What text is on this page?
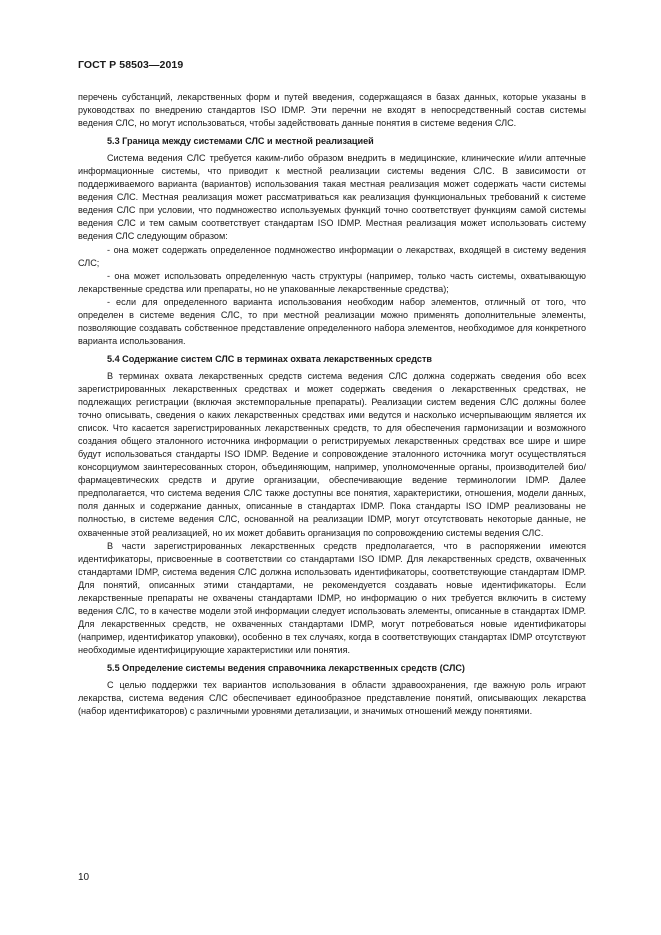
ГОСТ Р 58503—2019

перечень субстанций, лекарственных форм и путей введения, содержащаяся в базах данных, которые указаны в руководствах по внедрению стандартов ISO IDMP. Эти перечни не входят в непосредственный состав системы ведения СЛС, но могут использоваться, чтобы задействовать данные понятия в системе ведения СЛС.

5.3 Граница между системами СЛС и местной реализацией

Система ведения СЛС требуется каким-либо образом внедрить в медицинские, клинические и/или аптечные информационные системы, что приводит к местной реализации системы ведения СЛС. В зависимости от поддерживаемого варианта (вариантов) использования такая местная реализация может содержать части системы ведения СЛС. Местная реализация может рассматриваться как реализация функциональных требований к системе ведения СЛС при условии, что подмножество используемых функций точно соответствует функциям самой системы ведения СЛС и тем самым соответствует стандартам ISO IDMP. Местная реализация может использовать систему ведения СЛС следующим образом:

- она может содержать определенное подмножество информации о лекарствах, входящей в систему ведения СЛС;

- она может использовать определенную часть структуры (например, только часть системы, охватывающую лекарственные средства или препараты, но не упакованные лекарственные средства);

- если для определенного варианта использования необходим набор элементов, отличный от того, что определен в системе ведения СЛС, то при местной реализации можно применять дополнительные элементы, позволяющие создавать собственное представление определенного набора элементов, необходимое для конкретного варианта использования.

5.4 Содержание систем СЛС в терминах охвата лекарственных средств

В терминах охвата лекарственных средств система ведения СЛС должна содержать сведения обо всех зарегистрированных лекарственных средствах и может содержать сведения о лекарственных средствах, не подлежащих регистрации (включая экстемпоральные препараты). Реализации систем ведения СЛС должны более точно описывать, сведения о каких лекарственных средствах ими ведутся и насколько исчерпывающим является их список. Что касается зарегистрированных лекарственных средств, то для обеспечения гармонизации и возможного создания общего эталонного источника информации о регистрируемых лекарственных средствах все шире и шире будут использоваться стандарты ISO IDMP. Ведение и сопровождение эталонного источника могут осуществляться консорциумом заинтересованных сторон, объединяющим, например, уполномоченные органы, производителей био/фармацевтических средств и другие организации, обеспечивающие ведение терминологии IDMP. Далее предполагается, что система ведения СЛС также доступны все понятия, характеристики, отношения, модели данных, поля данных и содержание данных, описанные в стандартах IDMP. Пока стандарты ISO IDMP реализованы не полностью, в системе ведения СЛС, основанной на реализации IDMP, могут отсутствовать некоторые данные, не охваченные этой реализацией, но их может добавить организация по сопровождению системы ведения СЛС.

В части зарегистрированных лекарственных средств предполагается, что в распоряжении имеются идентификаторы, присвоенные в соответствии со стандартами ISO IDMP. Для лекарственных средств, охваченных стандартами IDMP, система ведения СЛС должна использовать идентификаторы, соответствующие стандартам IDMP. Для понятий, описанных этими стандартами, не рекомендуется создавать новые идентификаторы. Если лекарственные препараты не охвачены стандартами IDMP, но информацию о них требуется включить в систему ведения СЛС, то в качестве модели этой информации следует использовать элементы, описанные в стандартах IDMP. Для лекарственных средств, не охваченных стандартами IDMP, могут потребоваться новые идентификаторы (например, идентификатор упаковки), особенно в тех случаях, когда в соответствующих стандартах IDMP отсутствуют необходимые идентифицирующие характеристики или понятия.

5.5 Определение системы ведения справочника лекарственных средств (СЛС)

С целью поддержки тех вариантов использования в области здравоохранения, где важную роль играют лекарства, система ведения СЛС обеспечивает единообразное представление понятий, описывающих лекарства (набор идентификаторов) с различными уровнями детализации, и значимых отношений между понятиями.

10
